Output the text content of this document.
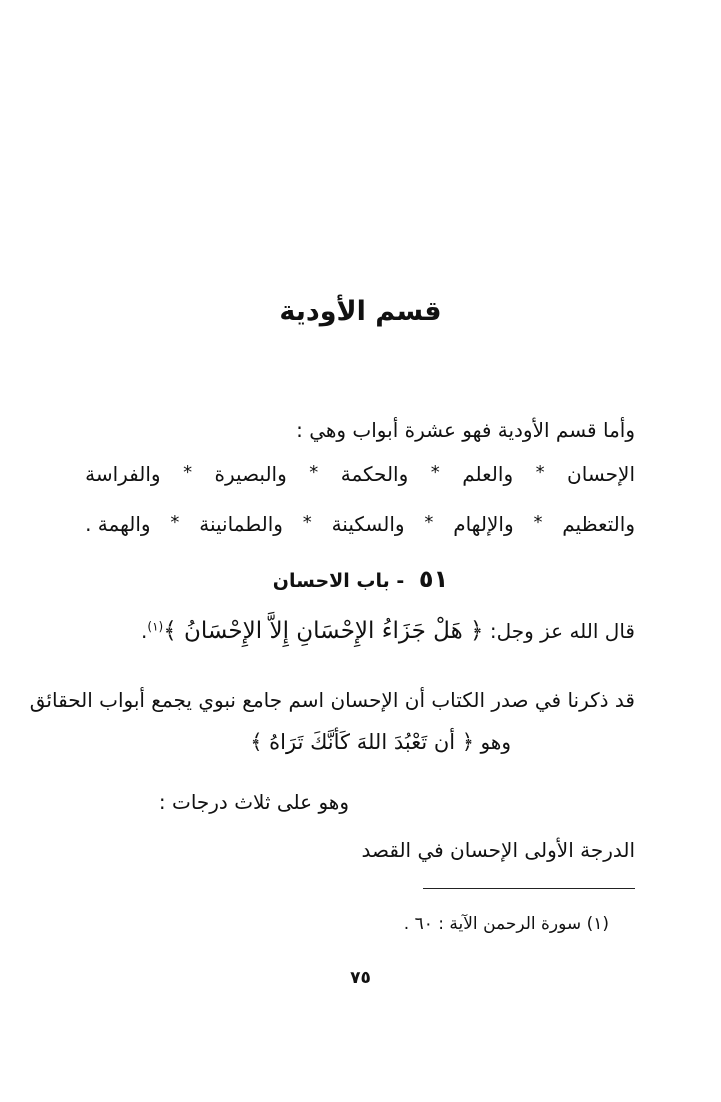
قسم الأودية
وأما قسم الأودية فهو عشرة أبواب وهي :
الإحسان
*
والعلم
*
والحكمة
*
والبصيرة
*
والفراسة
والتعظيم
*
والإلهام
*
والسكينة
*
والطمانينة
*
والهمة .
٥١ - باب الاحسان
قال الله عز وجل: ﴿ هَلْ جَزَاءُ الإِحْسَانِ إِلاَّ الإِحْسَانُ ﴾$^{(١)}$.
قد ذكرنا في صدر الكتاب أن الإحسان اسم جامع نبوي يجمع أبواب الحقائق
وهو ﴿ أن تَعْبُدَ اللهَ كَأنَّكَ تَرَاهُ ﴾
وهو على ثلاث درجات :
الدرجة الأولى الإحسان في القصد
(١) سورة الرحمن الآية : ٦٠ .
٧٥
